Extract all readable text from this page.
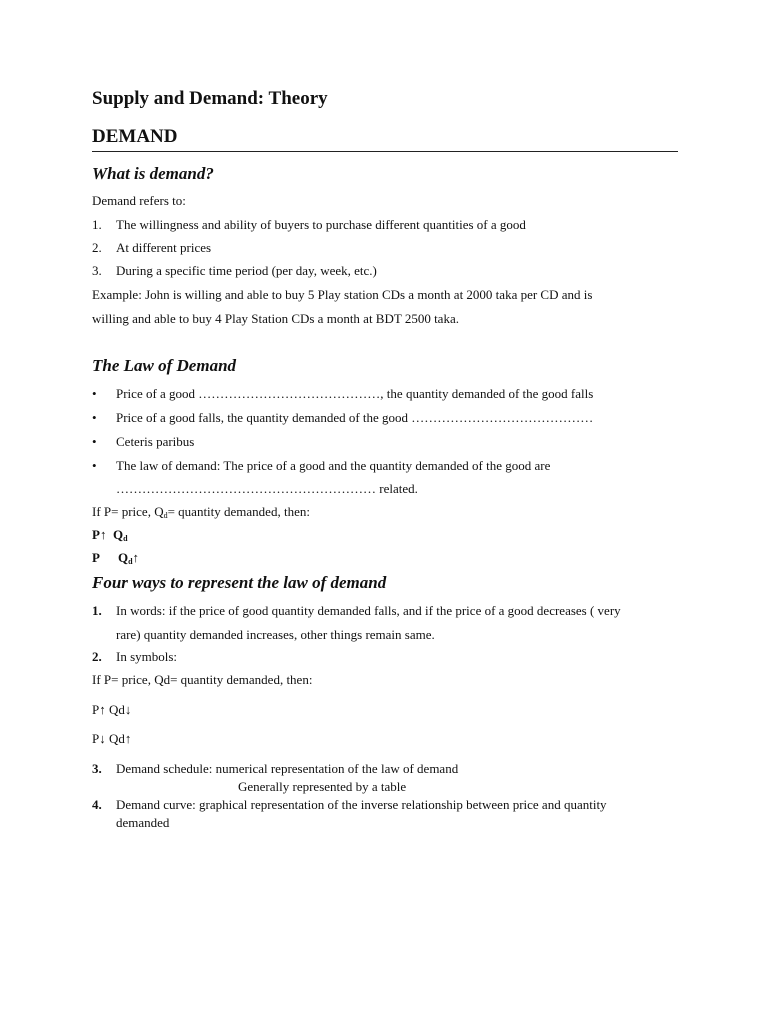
Supply and Demand: Theory
DEMAND
What is demand?
Demand refers to:
1. The willingness and ability of buyers to purchase different quantities of a good
2. At different prices
3. During a specific time period (per day, week, etc.)
Example: John is willing and able to buy 5 Play station CDs a month at 2000 taka per CD and is
willing and able to buy 4 Play Station CDs a month at BDT 2500 taka.
The Law of Demand
• Price of a good ……………………………………, the quantity demanded of the good falls
• Price of a good falls, the quantity demanded of the good ……………………………………
• Ceteris paribus
• The law of demand: The price of a good and the quantity demanded of the good are
…………………………………………………… related.
If P= price, $Q_d=$ quantity demanded, then:
P↑ $Q_d$
P $Q_d↑$
Four ways to represent the law of demand
1. In words: if the price of good quantity demanded falls, and if the price of a good decreases ( very
rare) quantity demanded increases, other things remain same.
2. In symbols:
If P= price, Qd= quantity demanded, then:
P↑ Qd↓
P↓ Qd↑
3. Demand schedule: numerical representation of the law of demand
Generally represented by a table
4. Demand curve: graphical representation of the inverse relationship between price and quantity
demanded
